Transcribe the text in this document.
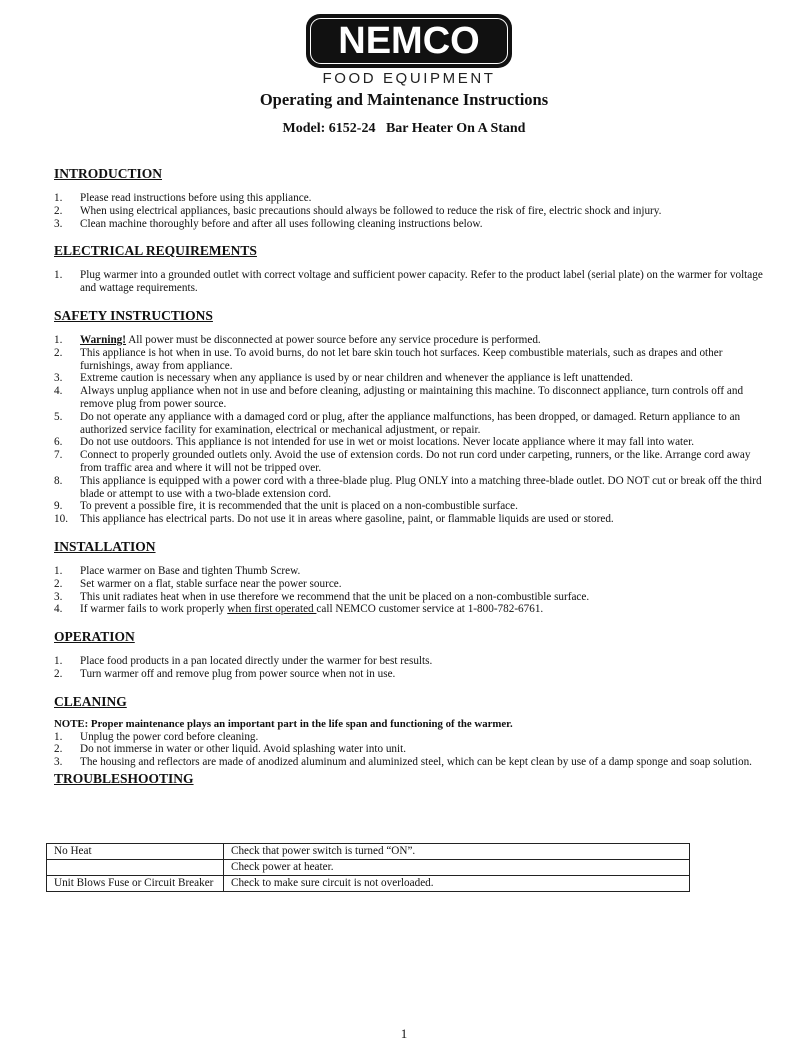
NEMCO
FOOD EQUIPMENT
Operating and Maintenance Instructions
Model: 6152-24   Bar Heater On A Stand
INTRODUCTION
1. Please read instructions before using this appliance.
2. When using electrical appliances, basic precautions should always be followed to reduce the risk of fire, electric shock and injury.
3. Clean machine thoroughly before and after all uses following cleaning instructions below.
ELECTRICAL REQUIREMENTS
1. Plug warmer into a grounded outlet with correct voltage and sufficient power capacity. Refer to the product label (serial plate) on the warmer for voltage and wattage requirements.
SAFETY INSTRUCTIONS
1. Warning! All power must be disconnected at power source before any service procedure is performed.
2. This appliance is hot when in use. To avoid burns, do not let bare skin touch hot surfaces. Keep combustible materials, such as drapes and other furnishings, away from appliance.
3. Extreme caution is necessary when any appliance is used by or near children and whenever the appliance is left unattended.
4. Always unplug appliance when not in use and before cleaning, adjusting or maintaining this machine. To disconnect appliance, turn controls off and remove plug from power source.
5. Do not operate any appliance with a damaged cord or plug, after the appliance malfunctions, has been dropped, or damaged. Return appliance to an authorized service facility for examination, electrical or mechanical adjustment, or repair.
6. Do not use outdoors. This appliance is not intended for use in wet or moist locations. Never locate appliance where it may fall into water.
7. Connect to properly grounded outlets only. Avoid the use of extension cords. Do not run cord under carpeting, runners, or the like. Arrange cord away from traffic area and where it will not be tripped over.
8. This appliance is equipped with a power cord with a three-blade plug. Plug ONLY into a matching three-blade outlet. DO NOT cut or break off the third blade or attempt to use with a two-blade extension cord.
9. To prevent a possible fire, it is recommended that the unit is placed on a non-combustible surface.
10. This appliance has electrical parts. Do not use it in areas where gasoline, paint, or flammable liquids are used or stored.
INSTALLATION
1. Place warmer on Base and tighten Thumb Screw.
2. Set warmer on a flat, stable surface near the power source.
3. This unit radiates heat when in use therefore we recommend that the unit be placed on a non-combustible surface.
4. If warmer fails to work properly when first operated call NEMCO customer service at 1-800-782-6761.
OPERATION
1. Place food products in a pan located directly under the warmer for best results.
2. Turn warmer off and remove plug from power source when not in use.
CLEANING
NOTE: Proper maintenance plays an important part in the life span and functioning of the warmer.
1. Unplug the power cord before cleaning.
2. Do not immerse in water or other liquid. Avoid splashing water into unit.
3. The housing and reflectors are made of anodized aluminum and aluminized steel, which can be kept clean by use of a damp sponge and soap solution.
TROUBLESHOOTING
No Heat	Check that power switch is turned “ON”.
	Check power at heater.
Unit Blows Fuse or Circuit Breaker	Check to make sure circuit is not overloaded.
1
